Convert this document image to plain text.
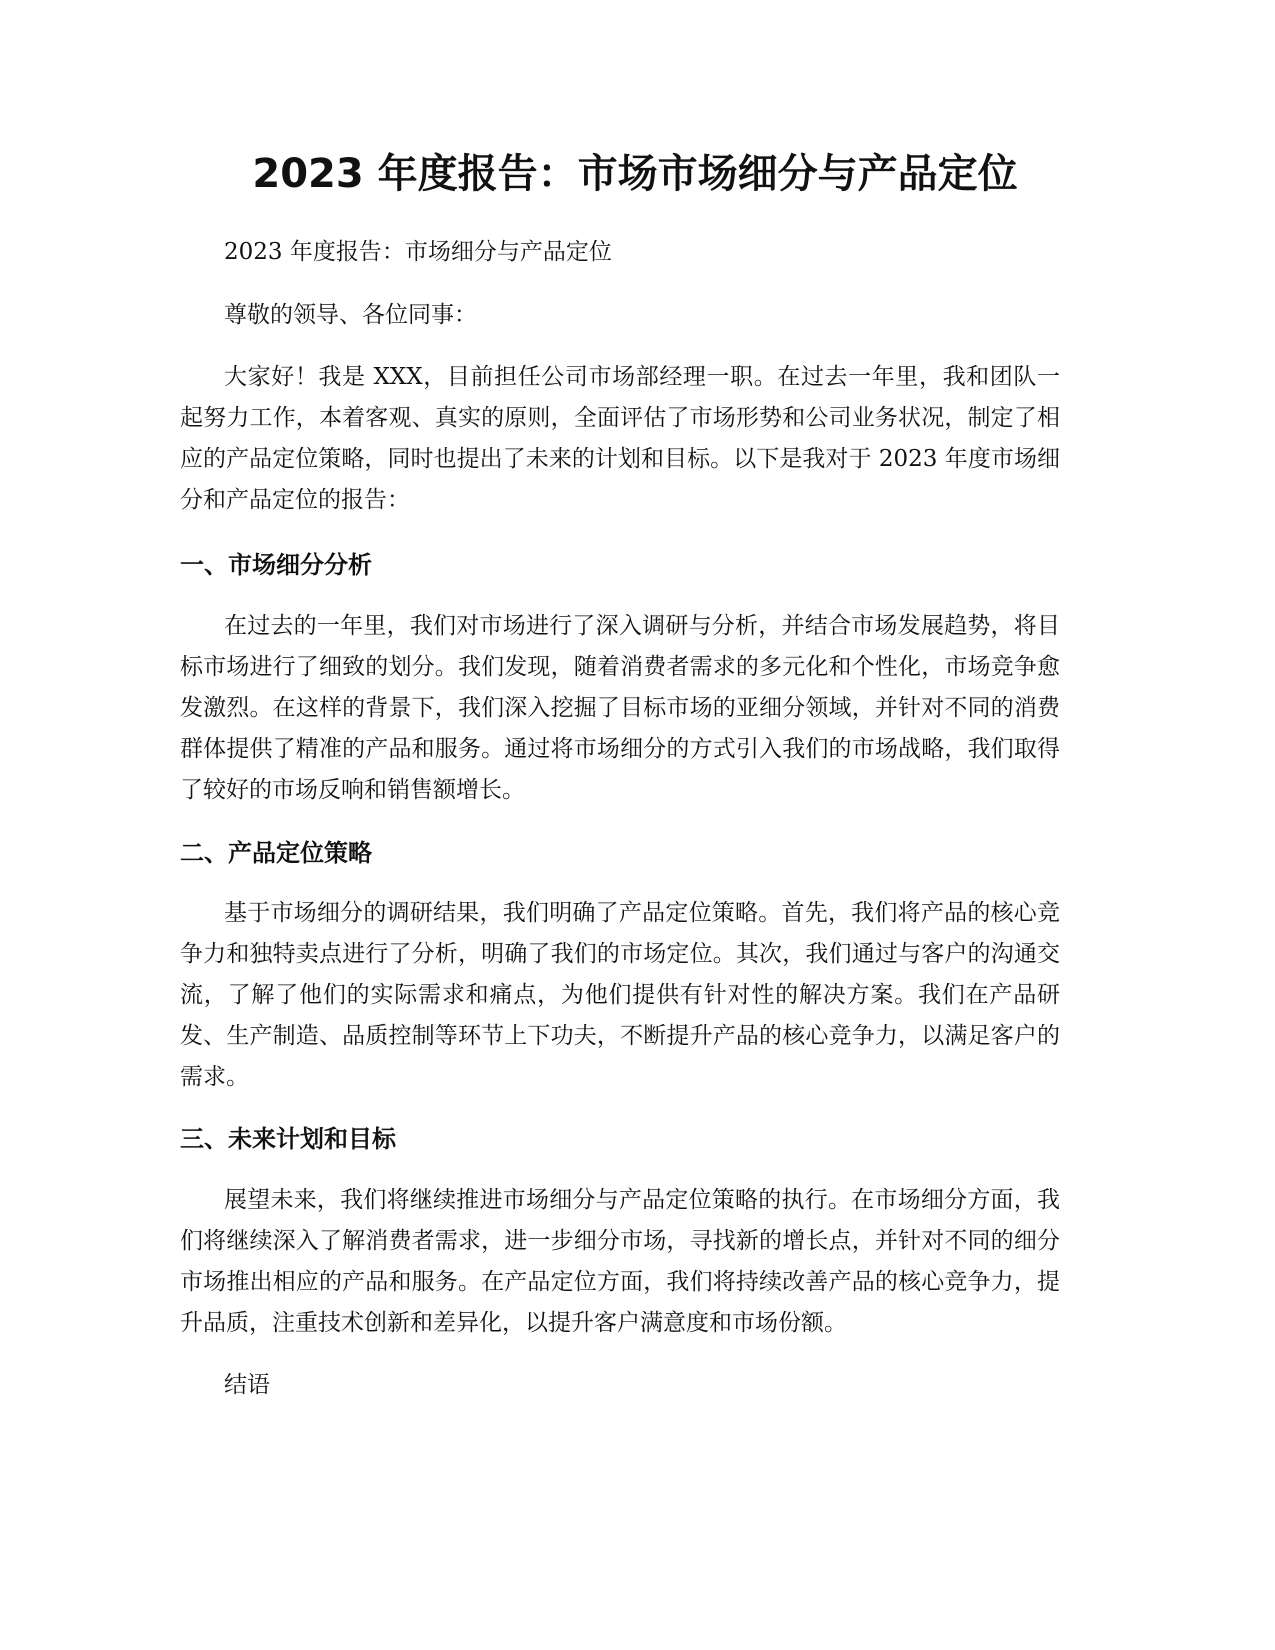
2023 年度报告：市场市场细分与产品定位

2023 年度报告：市场细分与产品定位

尊敬的领导、各位同事：

大家好！我是 XXX，目前担任公司市场部经理一职。在过去一年里，我和团队一起努力工作，本着客观、真实的原则，全面评估了市场形势和公司业务状况，制定了相应的产品定位策略，同时也提出了未来的计划和目标。以下是我对于 2023 年度市场细分和产品定位的报告：

一、市场细分分析

在过去的一年里，我们对市场进行了深入调研与分析，并结合市场发展趋势，将目标市场进行了细致的划分。我们发现，随着消费者需求的多元化和个性化，市场竞争愈发激烈。在这样的背景下，我们深入挖掘了目标市场的亚细分领域，并针对不同的消费群体提供了精准的产品和服务。通过将市场细分的方式引入我们的市场战略，我们取得了较好的市场反响和销售额增长。

二、产品定位策略

基于市场细分的调研结果，我们明确了产品定位策略。首先，我们将产品的核心竞争力和独特卖点进行了分析，明确了我们的市场定位。其次，我们通过与客户的沟通交流，了解了他们的实际需求和痛点，为他们提供有针对性的解决方案。我们在产品研发、生产制造、品质控制等环节上下功夫，不断提升产品的核心竞争力，以满足客户的需求。

三、未来计划和目标

展望未来，我们将继续推进市场细分与产品定位策略的执行。在市场细分方面，我们将继续深入了解消费者需求，进一步细分市场，寻找新的增长点，并针对不同的细分市场推出相应的产品和服务。在产品定位方面，我们将持续改善产品的核心竞争力，提升品质，注重技术创新和差异化，以提升客户满意度和市场份额。

结语
